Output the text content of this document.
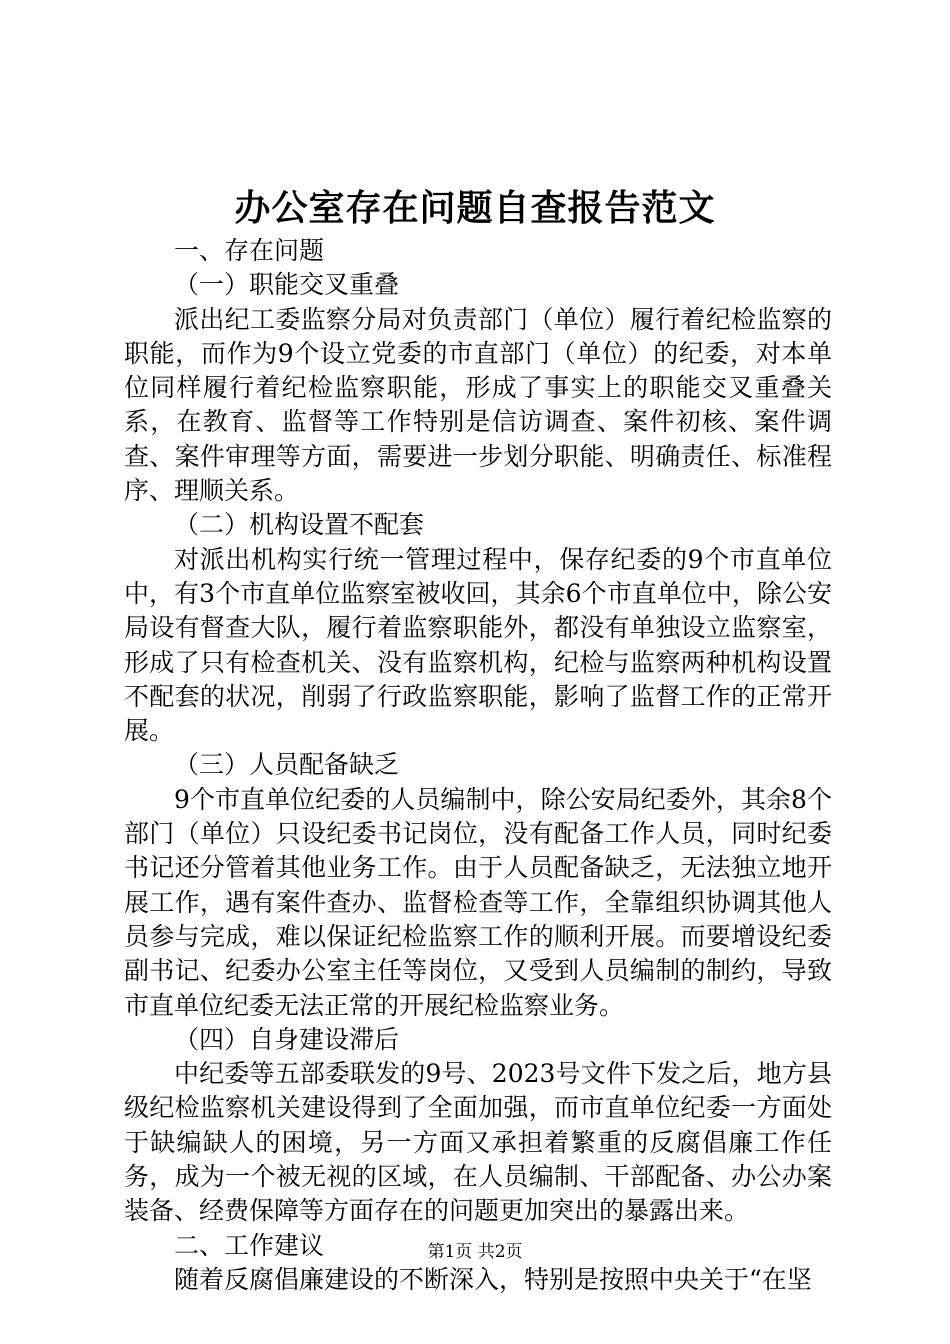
办公室存在问题自查报告范文

一、存在问题

（一）职能交叉重叠

派出纪工委监察分局对负责部门（单位）履行着纪检监察的职能，而作为9个设立党委的市直部门（单位）的纪委，对本单位同样履行着纪检监察职能，形成了事实上的职能交叉重叠关系，在教育、监督等工作特别是信访调查、案件初核、案件调查、案件审理等方面，需要进一步划分职能、明确责任、标准程序、理顺关系。

（二）机构设置不配套

对派出机构实行统一管理过程中，保存纪委的9个市直单位中，有3个市直单位监察室被收回，其余6个市直单位中，除公安局设有督查大队，履行着监察职能外，都没有单独设立监察室，形成了只有检查机关、没有监察机构，纪检与监察两种机构设置不配套的状况，削弱了行政监察职能，影响了监督工作的正常开展。

（三）人员配备缺乏

9个市直单位纪委的人员编制中，除公安局纪委外，其余8个部门（单位）只设纪委书记岗位，没有配备工作人员，同时纪委书记还分管着其他业务工作。由于人员配备缺乏，无法独立地开展工作，遇有案件查办、监督检查等工作，全靠组织协调其他人员参与完成，难以保证纪检监察工作的顺利开展。而要增设纪委副书记、纪委办公室主任等岗位，又受到人员编制的制约，导致市直单位纪委无法正常的开展纪检监察业务。

（四）自身建设滞后

中纪委等五部委联发的9号、2023号文件下发之后，地方县级纪检监察机关建设得到了全面加强，而市直单位纪委一方面处于缺编缺人的困境，另一方面又承担着繁重的反腐倡廉工作任务，成为一个被无视的区域，在人员编制、干部配备、办公办案装备、经费保障等方面存在的问题更加突出的暴露出来。

二、工作建议

随着反腐倡廉建设的不断深入，特别是按照中央关于“在坚

第1页 共2页
